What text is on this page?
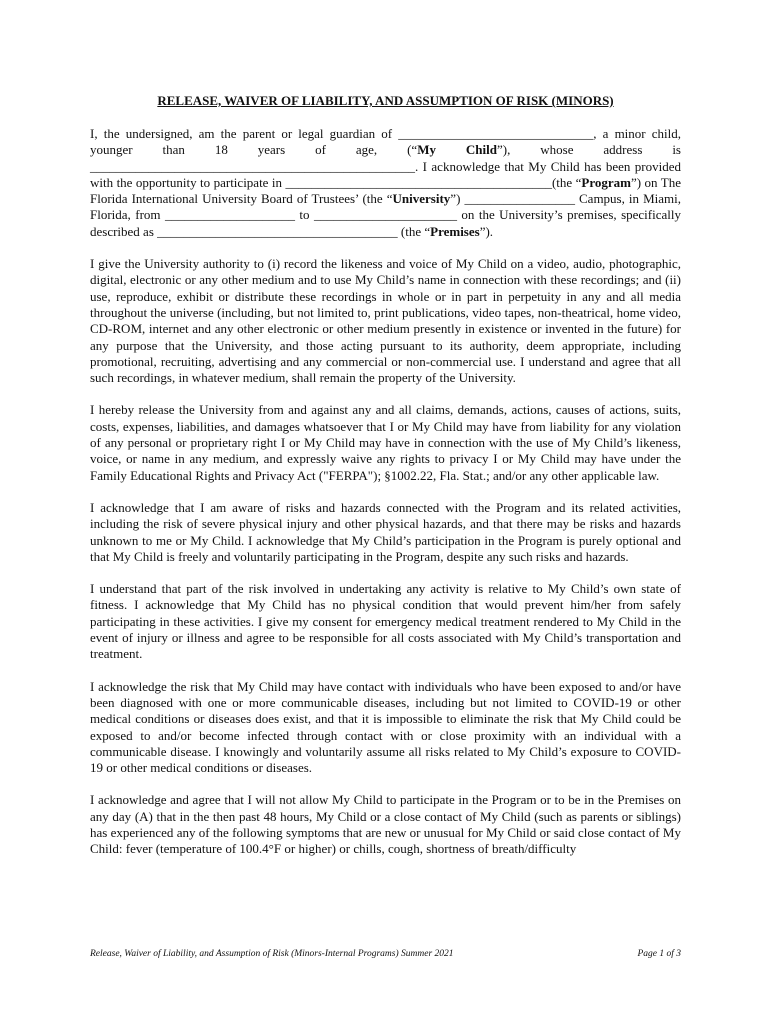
RELEASE, WAIVER OF LIABILITY, AND ASSUMPTION OF RISK (MINORS)

I, the undersigned, am the parent or legal guardian of ______________________________, a minor child, younger than 18 years of age, (“My Child”), whose address is __________________________________________________. I acknowledge that My Child has been provided with the opportunity to participate in _________________________________________(the “Program”) on The Florida International University Board of Trustees’ (the “University”) _________________ Campus, in Miami, Florida, from ____________________ to ______________________ on the University’s premises, specifically described as _____________________________________ (the “Premises”).

I give the University authority to (i) record the likeness and voice of My Child on a video, audio, photographic, digital, electronic or any other medium and to use My Child’s name in connection with these recordings; and (ii) use, reproduce, exhibit or distribute these recordings in whole or in part in perpetuity in any and all media throughout the universe (including, but not limited to, print publications, video tapes, non-theatrical, home video, CD-ROM, internet and any other electronic or other medium presently in existence or invented in the future) for any purpose that the University, and those acting pursuant to its authority, deem appropriate, including promotional, recruiting, advertising and any commercial or non-commercial use. I understand and agree that all such recordings, in whatever medium, shall remain the property of the University.

I hereby release the University from and against any and all claims, demands, actions, causes of actions, suits, costs, expenses, liabilities, and damages whatsoever that I or My Child may have from liability for any violation of any personal or proprietary right I or My Child may have in connection with the use of My Child’s likeness, voice, or name in any medium, and expressly waive any rights to privacy I or My Child may have under the Family Educational Rights and Privacy Act ("FERPA"); §1002.22, Fla. Stat.; and/or any other applicable law.

I acknowledge that I am aware of risks and hazards connected with the Program and its related activities, including the risk of severe physical injury and other physical hazards, and that there may be risks and hazards unknown to me or My Child. I acknowledge that My Child’s participation in the Program is purely optional and that My Child is freely and voluntarily participating in the Program, despite any such risks and hazards.

I understand that part of the risk involved in undertaking any activity is relative to My Child’s own state of fitness. I acknowledge that My Child has no physical condition that would prevent him/her from safely participating in these activities. I give my consent for emergency medical treatment rendered to My Child in the event of injury or illness and agree to be responsible for all costs associated with My Child’s transportation and treatment.

I acknowledge the risk that My Child may have contact with individuals who have been exposed to and/or have been diagnosed with one or more communicable diseases, including but not limited to COVID-19 or other medical conditions or diseases does exist, and that it is impossible to eliminate the risk that My Child could be exposed to and/or become infected through contact with or close proximity with an individual with a communicable disease. I knowingly and voluntarily assume all risks related to My Child’s exposure to COVID-19 or other medical conditions or diseases.

I acknowledge and agree that I will not allow My Child to participate in the Program or to be in the Premises on any day (A) that in the then past 48 hours, My Child or a close contact of My Child (such as parents or siblings) has experienced any of the following symptoms that are new or unusual for My Child or said close contact of My Child: fever (temperature of 100.4°F or higher) or chills, cough, shortness of breath/difficulty

Release, Waiver of Liability, and Assumption of Risk (Minors-Internal Programs) Summer 2021	Page 1 of 3
